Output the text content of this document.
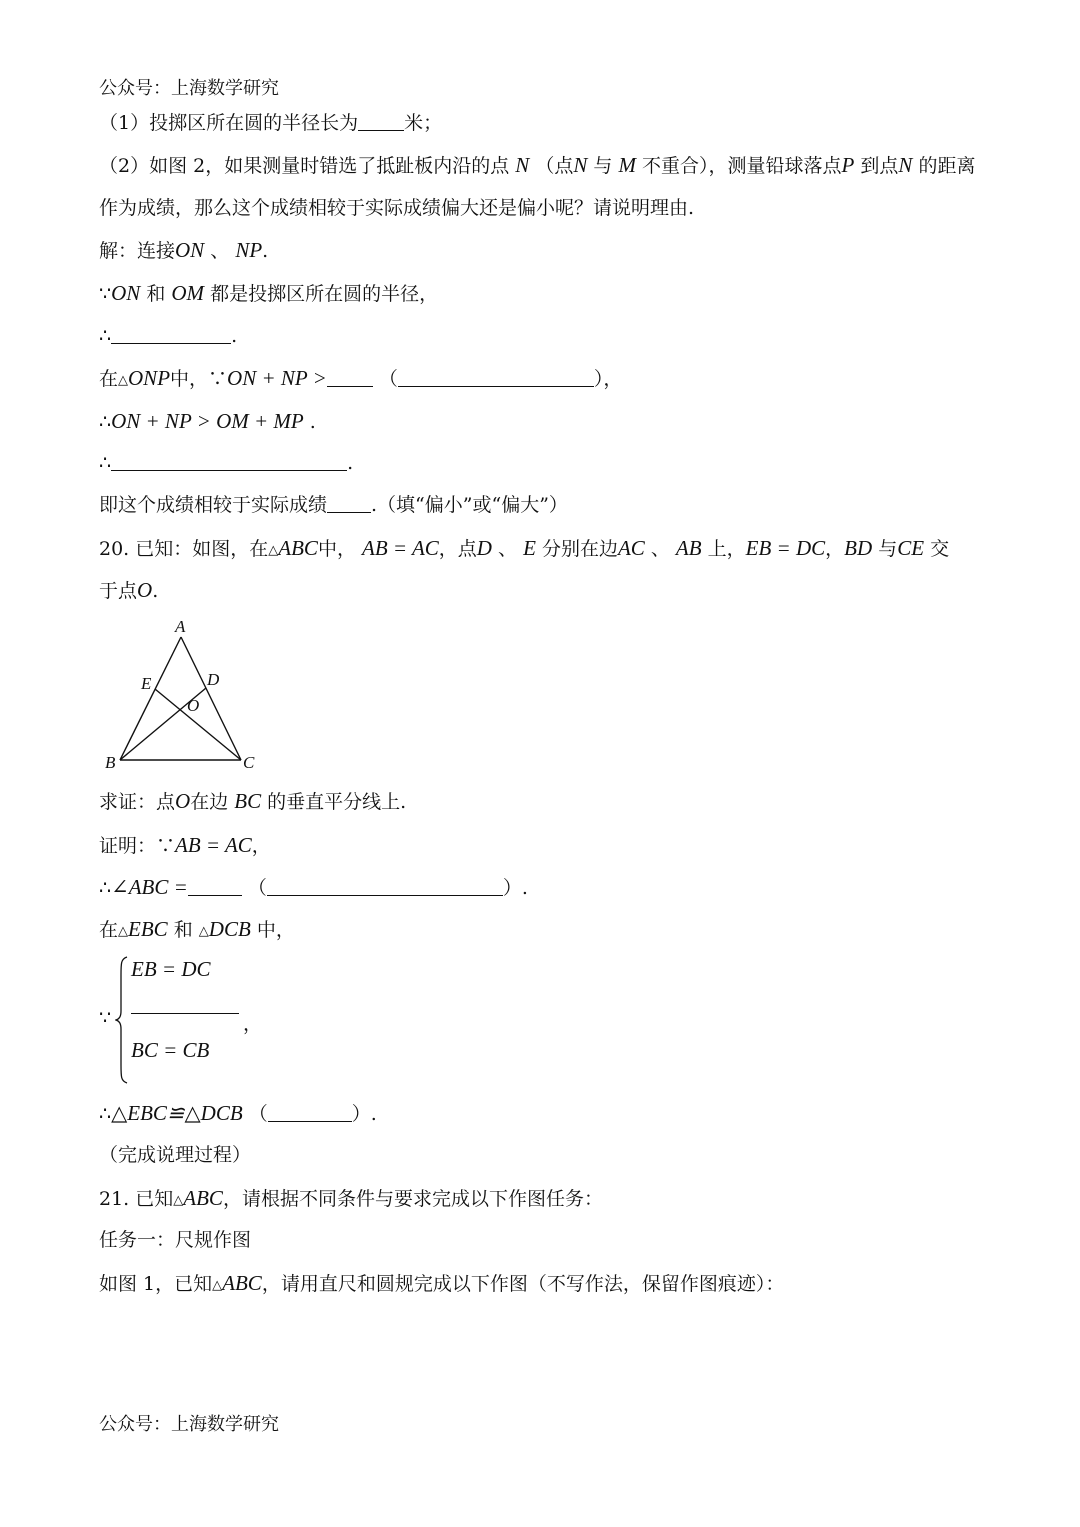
公众号：上海数学研究
（1）投掷区所在圆的半径长为 米；
（2）如图 2，如果测量时错选了抵趾板内沿的点 N （点N 与 M 不重合），测量铅球落点P 到点N 的距离
作为成绩，那么这个成绩相较于实际成绩偏大还是偏小呢？请说明理由.
解：连接ON 、 NP.
∵ON 和 OM 都是投掷区所在圆的半径，
∴	.
在△ONP中，∵ON + NP >	（	），
∴ON + NP > OM + MP .
∴	.
即这个成绩相较于实际成绩 .（填“偏小”或“偏大”）
20. 已知：如图，在△ABC中， AB = AC，点D 、 E 分别在边AC 、 AB 上，EB = DC，BD 与CE 交
于点O.
A
E	D
O
B	C
求证：点O在边 BC 的垂直平分线上.
证明：∵AB = AC，
∴∠ABC =	（	）.
在△EBC 和 △DCB 中，
∵
EB = DC
，
BC = CB
∴△EBC≌△DCB （	）.
（完成说理过程）
21. 已知△ABC，请根据不同条件与要求完成以下作图任务：
任务一：尺规作图
如图 1，已知△ABC，请用直尺和圆规完成以下作图（不写作法，保留作图痕迹）：
公众号：上海数学研究
